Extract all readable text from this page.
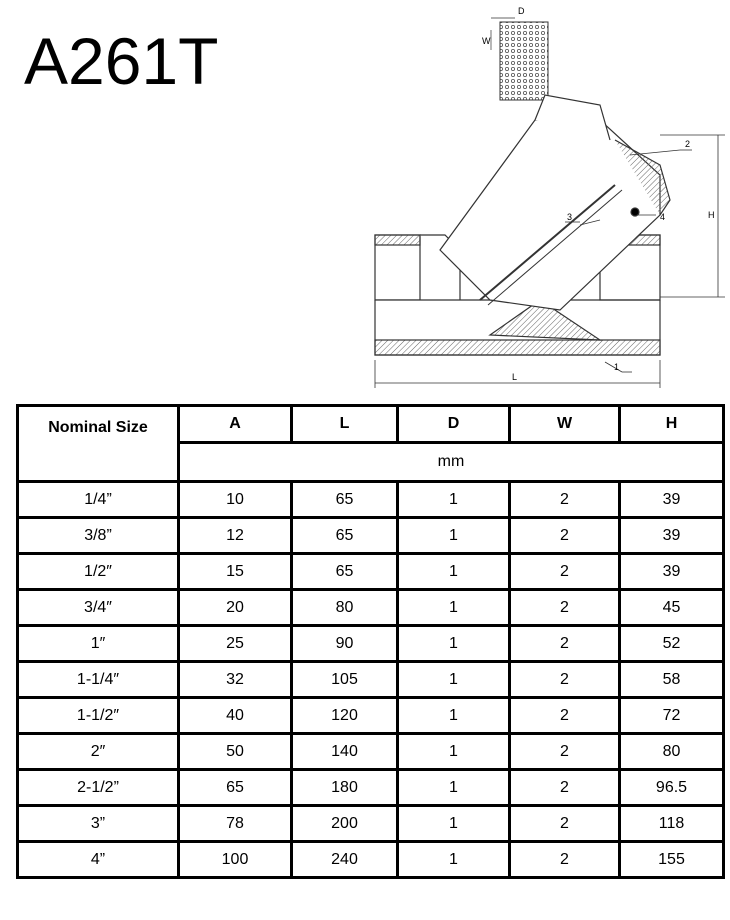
A261T
D
W
H
L
1
2
3	4
Nominal Size	A	L	D	W	H
	mm				
1/4”	10	65	1	2	39
3/8”	12	65	1	2	39
1/2″	15	65	1	2	39
3/4″	20	80	1	2	45
1″	25	90	1	2	52
1-1/4″	32	105	1	2	58
1-1/2″	40	120	1	2	72
2″	50	140	1	2	80
2-1/2”	65	180	1	2	96.5
3”	78	200	1	2	118
4”	100	240	1	2	155
